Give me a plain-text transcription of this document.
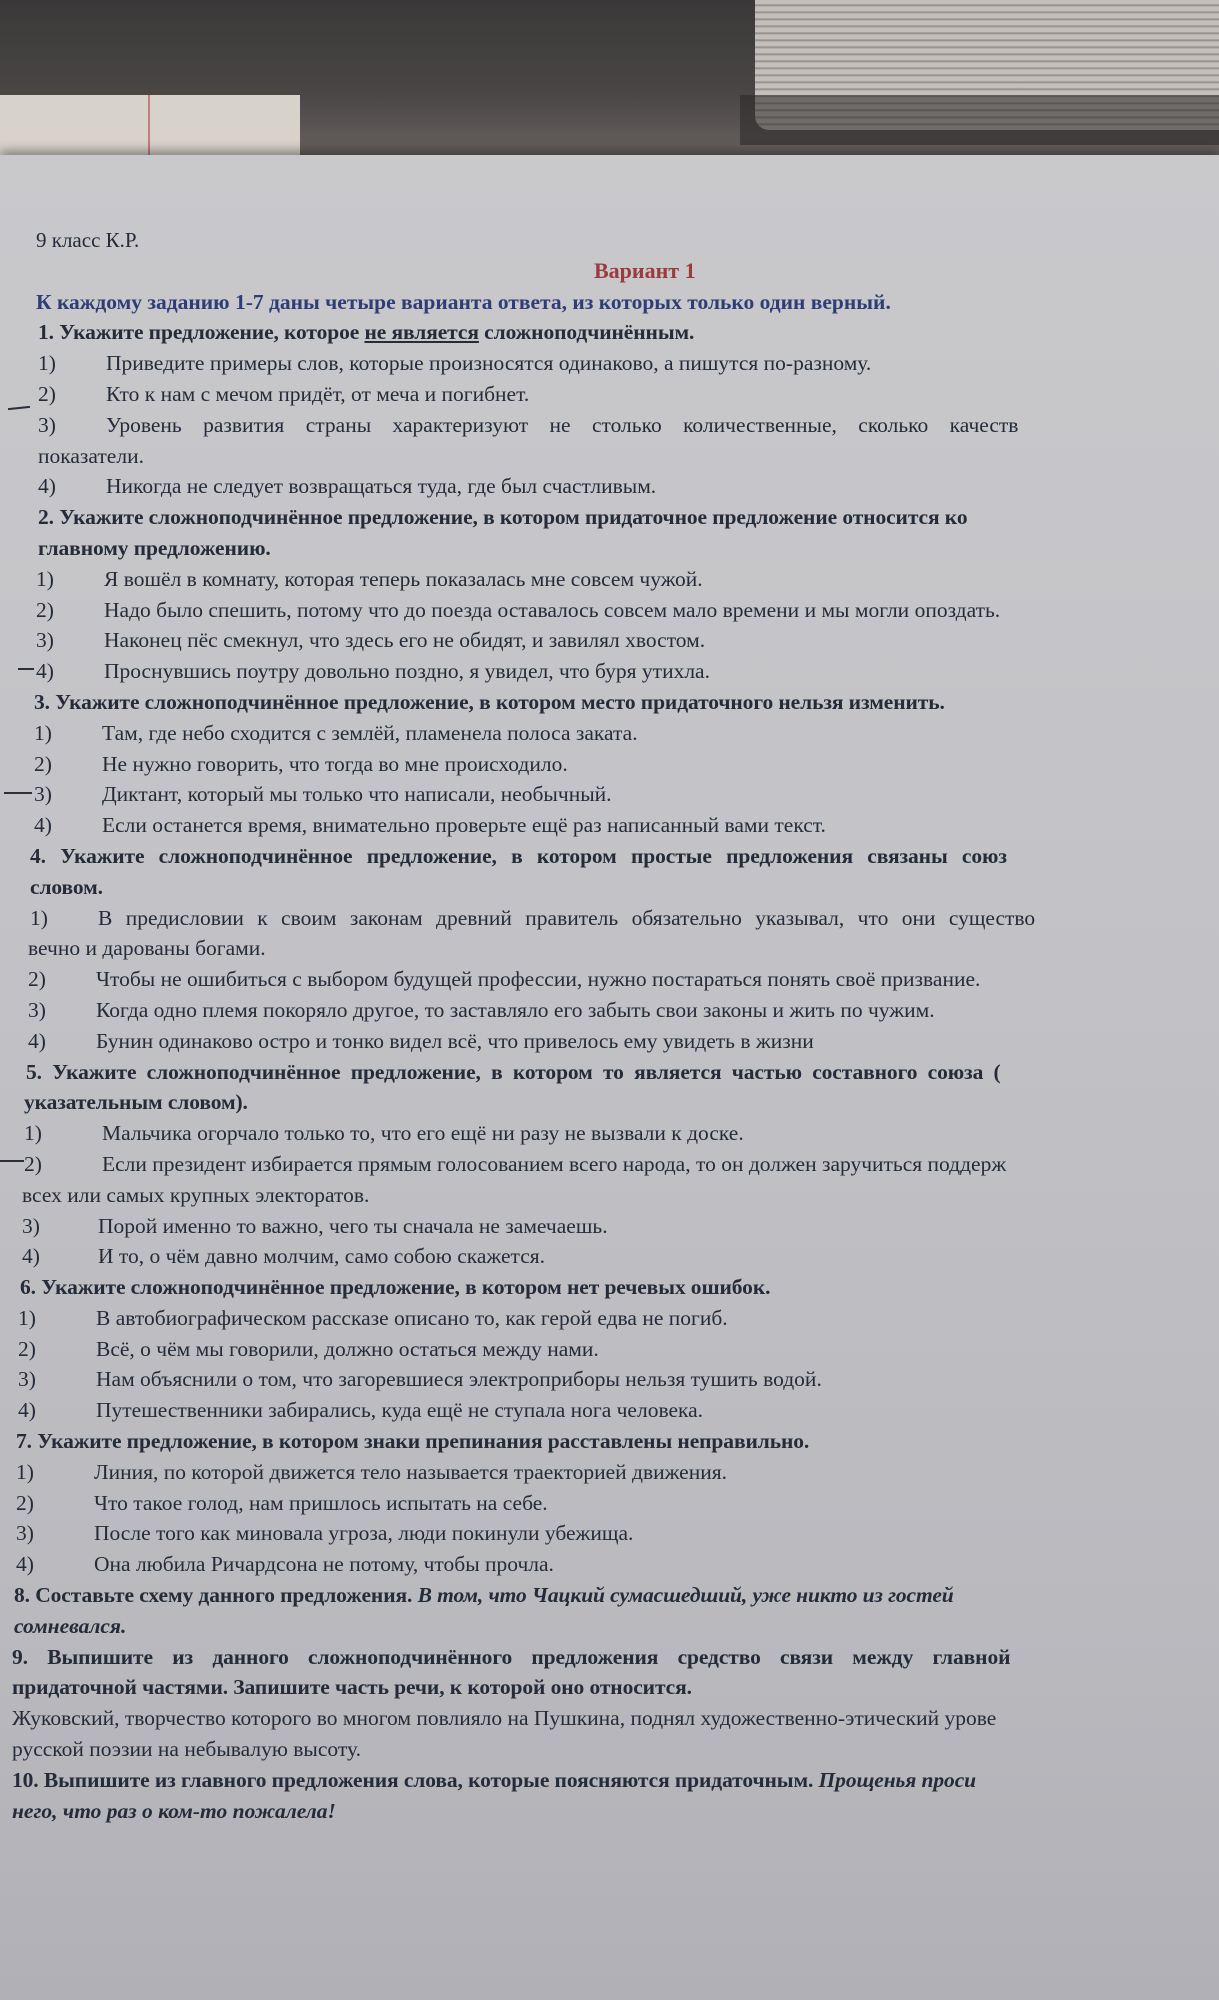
9 класс К.Р.
Вариант 1
К каждому заданию 1-7 даны четыре варианта ответа, из которых только один верный.
1. Укажите предложение, которое не является сложноподчинённым.
1) Приведите примеры слов, которые произносятся одинаково, а пишутся по-разному.
2) Кто к нам с мечом придёт, от меча и погибнет.
3) Уровень развития страны характеризуют не столько количественные, сколько качеств
показатели.
4) Никогда не следует возвращаться туда, где был счастливым.
2. Укажите сложноподчинённое предложение, в котором придаточное предложение относится ко
главному предложению.
1) Я вошёл в комнату, которая теперь показалась мне совсем чужой.
2) Надо было спешить, потому что до поезда оставалось совсем мало времени и мы могли опоздать.
3) Наконец пёс смекнул, что здесь его не обидят, и завилял хвостом.
4) Проснувшись поутру довольно поздно, я увидел, что буря утихла.
3. Укажите сложноподчинённое предложение, в котором место придаточного нельзя изменить.
1) Там, где небо сходится с землёй, пламенела полоса заката.
2) Не нужно говорить, что тогда во мне происходило.
3) Диктант, который мы только что написали, необычный.
4) Если останется время, внимательно проверьте ещё раз написанный вами текст.
4. Укажите сложноподчинённое предложение, в котором простые предложения связаны союз
словом.
1) В предисловии к своим законам древний правитель обязательно указывал, что они существо
вечно и дарованы богами.
2) Чтобы не ошибиться с выбором будущей профессии, нужно постараться понять своё призвание.
3) Когда одно племя покоряло другое, то заставляло его забыть свои законы и жить по чужим.
4) Бунин одинаково остро и тонко видел всё, что привелось ему увидеть в жизни
5. Укажите сложноподчинённое предложение, в котором то является частью составного союза (
указательным словом).
1)	Мальчика огорчало только то, что его ещё ни разу не вызвали к доске.
2)	Если президент избирается прямым голосованием всего народа, то он должен заручиться поддерж
всех или самых крупных электоратов.
3)	Порой именно то важно, чего ты сначала не замечаешь.
4)	И то, о чём давно молчим, само собою скажется.
6. Укажите сложноподчинённое предложение, в котором нет речевых ошибок.
1)	В автобиографическом рассказе описано то, как герой едва не погиб.
2)	Всё, о чём мы говорили, должно остаться между нами.
3)	Нам объяснили о том, что загоревшиеся электроприборы нельзя тушить водой.
4)	Путешественники забирались, куда ещё не ступала нога человека.
7. Укажите предложение, в котором знаки препинания расставлены неправильно.
1)	Линия, по которой движется тело называется траекторией движения.
2)	Что такое голод, нам пришлось испытать на себе.
3)	После того как миновала угроза, люди покинули убежища.
4)	Она любила Ричардсона не потому, чтобы прочла.
8. Составьте схему данного предложения. В том, что Чацкий сумасшедший, уже никто из гостей
сомневался.
9. Выпишите из данного сложноподчинённого предложения средство связи между главной
придаточной частями. Запишите часть речи, к которой оно относится.
Жуковский, творчество которого во многом повлияло на Пушкина, поднял художественно-этический урове
русской поэзии на небывалую высоту.
10. Выпишите из главного предложения слова, которые поясняются придаточным. Прощенья проси
него, что раз о ком-то пожалела!
